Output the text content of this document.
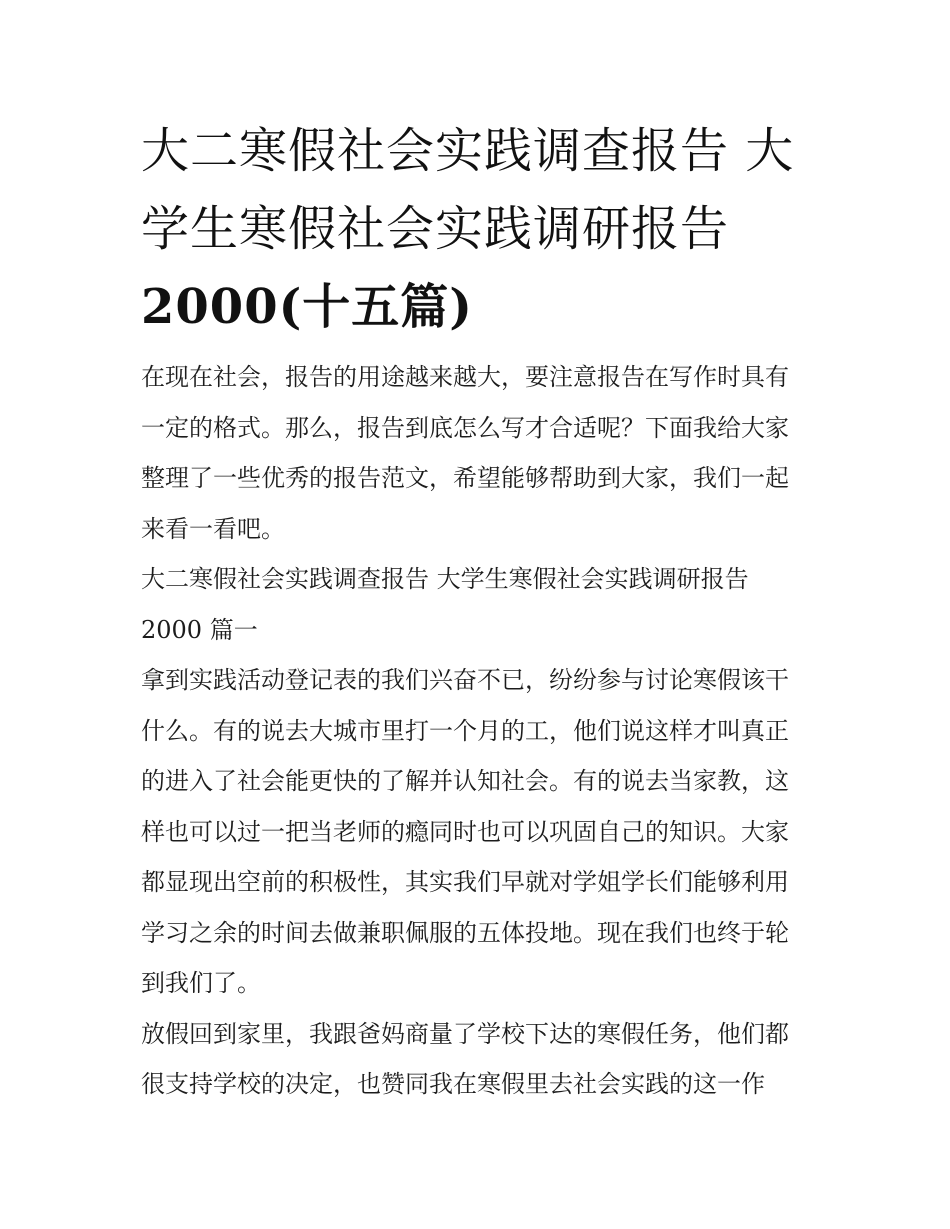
大二寒假社会实践调查报告 大
学生寒假社会实践调研报告
2000(十五篇)

在现在社会，报告的用途越来越大，要注意报告在写作时具有
一定的格式。那么，报告到底怎么写才合适呢？下面我给大家
整理了一些优秀的报告范文，希望能够帮助到大家，我们一起
来看一看吧。

大二寒假社会实践调查报告 大学生寒假社会实践调研报告
2000 篇一

拿到实践活动登记表的我们兴奋不已，纷纷参与讨论寒假该干
什么。有的说去大城市里打一个月的工，他们说这样才叫真正
的进入了社会能更快的了解并认知社会。有的说去当家教，这
样也可以过一把当老师的瘾同时也可以巩固自己的知识。大家
都显现出空前的积极性，其实我们早就对学姐学长们能够利用
学习之余的时间去做兼职佩服的五体投地。现在我们也终于轮
到我们了。

放假回到家里，我跟爸妈商量了学校下达的寒假任务，他们都
很支持学校的决定，也赞同我在寒假里去社会实践的这一作
